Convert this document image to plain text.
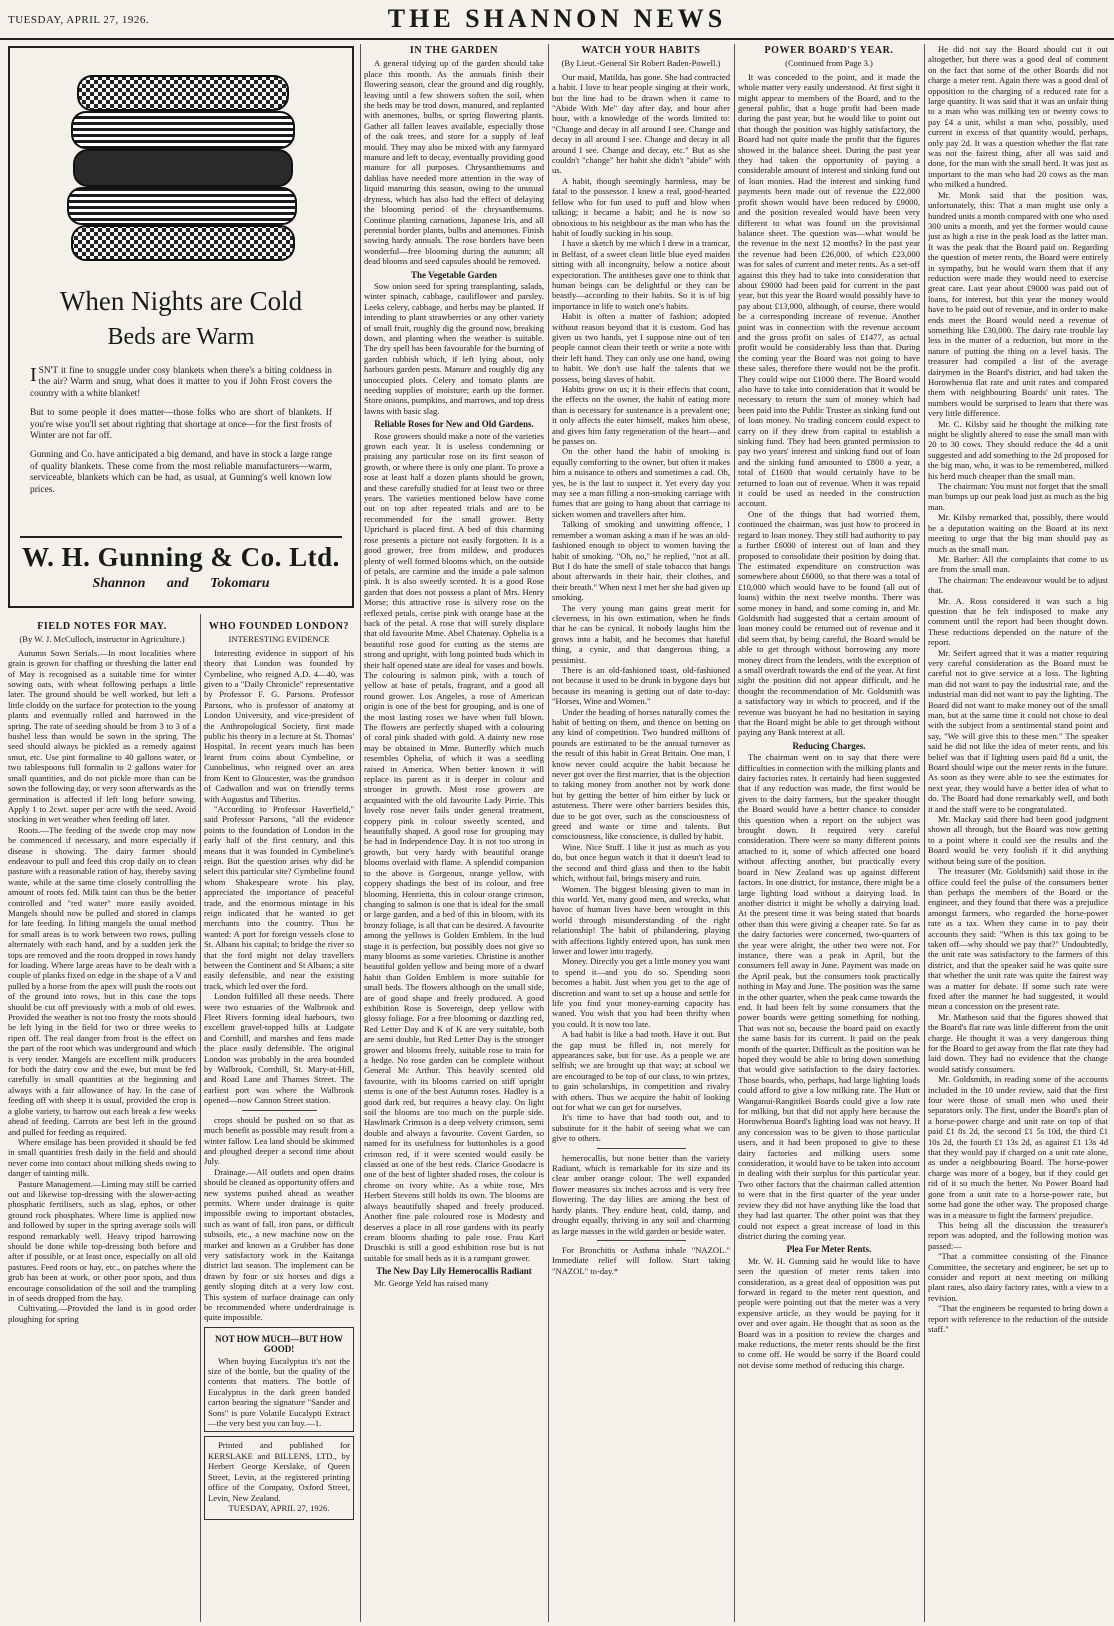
TUESDAY, APRIL 27, 1926.	THE SHANNON NEWS
When Nights are Cold
Beds are Warm

ISN'T it fine to snuggle under cosy blankets when there's a biting coldness in the air? Warm and snug, what does it matter to you if John Frost covers the country with a white blanket!

But to some people it does matter—those folks who are short of blankets. If you're wise you'll set about righting that shortage at once—for the first frosts of Winter are not far off.

Gunning and Co. have anticipated a big demand, and have in stock a large range of quality blankets. These come from the most reliable manufacturers—warm, serviceable, blankets which can be had, as usual, at Gunning's well known low prices.

W. H. Gunning & Co. Ltd.
Shannon and Tokomaru
FIELD NOTES FOR MAY.
(By W. J. McCulloch, instructor in Agriculture.)

Autumn Sown Serials.—In most localities where grain is grown for chaffing or threshing the latter end of May is recognised as a suitable time for winter sowing oats, with wheat following perhaps a little later. The ground should be well worked, but left a little cloddy on the surface for protection to the young plants and eventually rolled and harrowed in the spring. The rate of seeding should be from 3 to 3 of a bushel less than would be sown in the spring. The seed should always be pickled as a remedy against smut, etc. Use pint formaline to 40 gallons water, or two tablespoons full formalin to 2 gallons water for small quantities, and do not pickle more than can be sown the following day, or very soon afterwards as the germination is affected if left long before sowing. Apply 1 to 2cwt. super per acre with the seed. Avoid stocking in wet weather when feeding off later.

Roots.—The feeding of the swede crop may now be commenced if necessary, and more especially if disease is showing. The dairy farmer should endeavour to pull and feed this crop daily on to clean pasture with a reasonable ration of hay, thereby saving waste, while at the same time closely controlling the amount of roots fed. Milk taint can thus be the better controlled and "red water" more easily avoided. Mangels should now be pulled and stored in clamps for late feeding. In lifting mangels the usual method for small areas is to work between two rows, pulling alternately with each hand, and by a sudden jerk the tops are removed and the roots dropped in rows handy for loading. Where large areas have to be dealt with a couple of planks fixed on edge in the shape of a V and pulled by a horse from the apex will push the roots out of the ground into rows, but in this case the tops should be cut off previously with a mob of old ewes. Provided the weather is not too frosty the roots should be left lying in the field for two or three weeks to ripen off. The real danger from frost is the effect on the part of the root which was underground and which is very tender. Mangels are excellent milk producers for both the dairy cow and the ewe, but must be fed carefully in small quantities at the beginning and always with a fair allowance of hay. In the case of feeding off with sheep it is usual, provided the crop is a globe variety, to harrow out each break a few weeks ahead of feeding. Carrots are best left in the ground and pulled for feeding as required.

Where ensilage has been provided it should be fed in small quantities fresh daily in the field and should never come into contact about milking sheds owing to danger of tainting milk.

Pasture Management.—Liming may still be carried out and likewise top-dressing with the slower-acting phosphatic fertilisers, such as slag, ephos, or other ground rock phosphates. Where lime is applied now and followed by super in the spring average soils will respond remarkably well. Heavy tripod harrowing should be done while top-dressing both before and after if possible, or at least once, especially on all old pastures. Feed roots or hay, etc., on patches where the grub has been at work, or other poor spots, and thus encourage consolidation of the soil and the trampling in of seeds dropped from the hay.

Cultivating.—Provided the land is in good order ploughing for spring

WHO FOUNDED LONDON?
INTERESTING EVIDENCE

Interesting evidence in support of his theory that London was founded by Cymbeline, who reigned A.D. 4—40, was given to a "Daily Chronicle" representative by Professor F. G. Parsons. Professor Parsons, who is professor of anatomy at London University, and vice-president of the Anthropological Society, first made public his theory in a lecture at St. Thomas' Hospital. In recent years much has been learnt from coins about Cymbeline, or Cunobelinus, who reigned over an area from Kent to Gloucester, was the grandson of Cadwallon and was on friendly terms with Augustus and Tiberius.

"According to Professor Haverfield," said Professor Parsons, "all the evidence points to the foundation of London in the early half of the first century, and this means that it was founded in Cymbeline's reign. But the question arises why did he select this particular site? Cymbeline found whom Shakespeare wrote his play, appreciated the importance of peaceful trade, and the enormous mintage in his reign indicated that he wanted to get merchants into the country. Thus he wanted: A port for foreign vessels close to St. Albans his capital; to bridge the river so that the ford might not delay travellers between the Continent and St Albans; a site easily defensible, and near the existing track, which led over the ford.

London fulfilled all these needs. There were two estuaries of the Walbrook and Fleet Rivers forming ideal harbours, two excellent gravel-topped hills at Ludgate and Cornhill, and marshes and fens made the place easily defensible. The original London was probably in the area bounded by Walbrook, Cornhill, St. Mary-at-Hill, and Road Lane and Thames Street. The earliest port was where the Walbrook opened—now Cannon Street station.

crops should be pushed on so that as much benefit as possible may result from a winter fallow. Lea land should be skimmed and ploughed deeper a second time about July.

Drainage.—All outlets and open drains should be cleaned as opportunity offers and new systems pushed ahead as weather permits. Where under drainage is quite impossible owing to important obstacles, such as want of fall, iron pans, or difficult subsoils, etc., a new machine now on the market and known as a Grubber has done very satisfactory work in the Kaitanga district last season. The implement can be drawn by four or six horses and digs a gently sloping ditch at a very low cost. This system of surface drainage can only be recommended where underdrainage is quite impossible.

NOT HOW MUCH—BUT HOW GOOD!

When buying Eucalyptus it's not the size of the bottle, but the quality of the contents that matters. The bottle of Eucalyptus in the dark green banded carton bearing the signature "Sander and Sons" is pure Volatile Eucalypti Extract—the very best you can buy.—1.

Printed and published for KERSLAKE and BILLENS, LTD., by Herbert George Kerslake, of Queen Street, Levin, at the registered printing office of the Company, Oxford Street, Levin, New Zealand.

TUESDAY, APRIL 27, 1926.
IN THE GARDEN

A general tidying up of the garden should take place this month. As the annuals finish their flowering season, clear the ground and dig roughly, leaving until a few showers soften the soil, when the beds may be trod down, manured, and replanted with anemones, bulbs, or spring flowering plants. Gather all fallen leaves available, especially those of the oak trees, and store for a supply of leaf mould. They may also be mixed with any farmyard manure and left to decay, eventually providing good manure for all purposes. Chrysanthemums and dahlias have needed more attention in the way of liquid manuring this season, owing to the unusual dryness, which has also had the effect of delaying the blooming period of the chrysanthemums. Continue planting carnations, Japanese Iris, and all perennial border plants, bulbs and anemones. Finish sowing hardy annuals. The rose borders have been wonderful—free blooming during the autumn; all dead blooms and seed capsules should be removed.

The Vegetable Garden

Sow onion seed for spring transplanting, salads, winter spinach, cabbage, cauliflower and parsley. Leeks celery, cabbage, and herbs may be planted. If intending to plant strawberries or any other variety of small fruit, roughly dig the ground now, breaking down, and planting when the weather is suitable. The dry spell has been favourable for the burning of garden rubbish which, if left lying about, only harbours garden pests. Manure and roughly dig any unoccupied plots. Celery and tomato plants are needing supplies of moisture; earth up the former. Store onions, pumpkins, and marrows, and top dress lawns with basic slag.

Reliable Roses for New and Old Gardens.

Rose growers should make a note of the varieties grown each year. It is useless condemning or praising any particular rose on its first season of growth, or where there is only one plant. To prove a rose at least half a dozen plants should be grown, and these carefully studied for at least two or three years. The varieties mentioned below have come out on top after repeated trials and are to be recommended for the small grower. Betty Uprichard is placed first. A bed of this charming rose presents a picture not easily forgotten. It is a good grower, free from mildew, and produces plenty of well formed blooms which, on the outside of petals, are carmine and the inside a pale salmon pink. It is also sweetly scented. It is a good Rose garden that does not possess a plant of Mrs. Henry Morse; this attractive rose is silvery rose on the reflexed petals, cerise pink with orange base at the back of the petal. A rose that will surely displace that old favourite Mme. Abel Chatenay. Ophelia is a beautiful rose good for cutting as the stems are strong and upright, with long pointed buds which in their half opened state are ideal for vases and bowls. The colouring is salmon pink, with a touch of yellow at base of petals, fragrant, and a good all round grower. Los Angeles, a rose of American origin is one of the best for grouping, and is one of the most lasting roses we have when full blown. The flowers are perfectly shaped with a colouring of coral pink shaded with gold. A dainty new rose may be obtained in Mme. Butterfly which much resembles Ophelia, of which it was a seedling raised in America. When better known it will replace its parent as it is deeper in colour and stronger in growth. Most rose growers are acquainted with the old favourite Lady Pirrie. This lovely rose never fails under general treatment, coppery pink in colour sweetly scented, and beautifully shaped. A good rose for grouping may be had in Independence Day. It is not too strong in growth, but very hardy with beautiful orange blooms overlaid with flame. A splendid companion to the above is Gorgeous, orange yellow, with coppery shadings the best of its colour, and free blooming. Henrietta, this in colour orange crimson, changing to salmon is one that is ideal for the small or large garden, and a bed of this in bloom, with its bronzy foliage, is all that can be desired. A favourite among the yellows is Golden Emblem. In the bud stage it is perfection, but possibly does not give so many blooms as some varieties. Christine is another beautiful golden yellow and being more of a dwarf habit than Golden Emblem is more suitable for small beds. The flowers although on the small side, are of good shape and freely produced. A good exhibition Rose is Sovereign, deep yellow with glossy foliage. For a free blooming or dazzling red, Red Letter Day and K of K are very suitable, both are semi double, but Red Letter Day is the stronger grower and blooms freely, suitable rose to train for a hedge. No rose garden can be complete without General Mc Arthur. This heavily scented old favourite, with its blooms carried on stiff upright stems is one of the best Autumn roses. Hadley is a good dark red, but requires a heavy clay. On light soil the blooms are too much on the purple side. Hawlmark Crimson is a deep velvety crimson, semi double and always a favourite. Covent Garden, so named for its usefulness for buttonholes is a good crimson red, if it were scented would easily be classed as one of the best reds. Clarice Goodacre is one of the best of lighter shaded roses, the colour is chrome on ivory white. As a white rose, Mrs Herbert Stevens still holds its own. The blooms are always beautifully shaped and freely produced. Another fine pale coloured rose is Modesty and deserves a place in all rose gardens with its pearly cream blooms shading to pale rose. Frau Karl Druschki is still a good exhibition rose but is not suitable for small beds as it is a rampant grower.

The New Day Lily Hemerocallis Radiant

Mr. George Yeld has raised many

WATCH YOUR HABITS
(By Lieut.-General Sir Robert Baden-Powell.)

Our maid, Matilda, has gone. She had contracted a habit. I love to hear people singing at their work, but the line had to be drawn when it came to "Abide With Me" day after day, and hour after hour, with a knowledge of the words limited to: "Change and decay in all around I see. Change and decay in all around I see. Change and decay in all around I see. Change and decay, etc." But as she couldn't "change" her habit she didn't "abide" with us.

A habit, though seemingly harmless, may be fatal to the possessor. I knew a real, good-hearted fellow who for fun used to puff and blow when talking; it became a habit; and he is now so obnoxious to his neighbour as the man who has the habit of loudly sucking in his soup.

I have a sketch by me which I drew in a tramcar, in Belfast, of a sweet clean little blue eyed maiden sitting with all incongruity, below a notice about expectoration. The antitheses gave one to think that human beings can be delightful or they can be beastly—according to their habits. So it is of big importance in life to watch one's habits.

Habit is often a matter of fashion; adopted without reason beyond that it is custom. God has given us two hands, yet I suppose nine out of ten people cannot clean their teeth or write a note with their left hand. They can only use one hand, owing to habit. We don't use half the talents that we possess, being slaves of habit.

Habits grow on us; it is their effects that count, the effects on the owner, the habit of eating more than is necessary for sustenance is a prevalent one; it only affects the eater himself, makes him obese, and gives him fatty regeneration of the heart—and he passes on.

On the other hand the habit of smoking is equally comforting to the owner, but often it makes him a nuisance to others and sometimes a cad. Oh, yes, he is the last to suspect it. Yet every day you may see a man filling a non-smoking carriage with fumes that are going to hang about that carriage to sicken women and travellers after him.

Talking of smoking and unwitting offence, I remember a woman asking a man if he was an old-fashioned enough to object to women having the habit of smoking. "Oh, no," he replied, "not at all. But I do hate the smell of stale tobacco that hangs about afterwards in their hair, their clothes, and their breath." When next I met her she had given up smoking.

The very young man gains great merit for cleverness, in his own estimation, when he finds that he can be cynical. It nobody laughs him the grows into a habit, and he becomes that hateful thing, a cynic, and that dangerous thing, a pessimist.

There is an old-fashioned toast, old-fashioned not because it used to be drunk in bygone days but because its meaning is getting out of date to-day: "Horses, Wine and Women."

Under the heading of horses naturally comes the habit of betting on them, and thence on betting on any kind of competition. Two hundred millions of pounds are estimated to be the annual turnover as the result of this habit in Great Britain. One man, I know never could acquire the habit because he never got over the first marrier, that is the objection to taking money from another not by work done but by getting the better of him either by luck or astuteness. There were other barriers besides this, due to be got over, such as the consciousness of greed and waste or time and talents. But consciousness, like conscience, is dulled by habit.

Wine. Nice Stuff. I like it just as much as you do, but once begun watch it that it doesn't lead to the second and third glass and then to the habit which, without fail, brings misery and ruin.

Women. The biggest blessing given to man in this world. Yet, many good men, and wrecks, what havoc of human lives have been wrought in this world through misunderstanding of the right relationship! The habit of philandering, playing with affections lightly entered upon, has sunk men lower and lower into tragedy.

Money. Directly you get a little money you want to spend it—and you do so. Spending soon becomes a habit. Just when you get to the age of discretion and want to set up a house and settle for life you find your money-earning capacity has waned. You wish that you had been thrifty when you could. It is now too late.

A bad habit is like a bad tooth. Have it out. But the gap must be filled in, not merely for appearances sake, but for use. As a people we are selfish; we are brought up that way; at school we are encouraged to be top of our class, to win prizes, to gain scholarships, in competition and rivalry with others. Thus we acquire the habit of looking out for what we can get for ourselves.

It's time to have that bad tooth out, and to substitute for it the habit of seeing what we can give to others.

hemerocallis, but none better than the variety Radiant, which is remarkable for its size and its clear amber orange colour. The well expanded flower measures six inches across and is very free flowering. The day lilies are among the best of hardy plants. They endure heat, cold, damp, and drought equally, thriving in any soil and charming as large masses in the wild garden or beside water.

For Bronchitis or Asthma inhale "NAZOL." Immediate relief will follow. Start taking "NAZOL" to-day.*

POWER BOARD'S YEAR.
(Continued from Page 3.)

It was conceded to the point, and it made the whole matter very easily understood. At first sight it might appear to members of the Board, and to the general public, that a huge profit had been made during the past year, but he would like to point out that though the position was highly satisfactory, the Board had not quite made the profit that the figures showed in the balance sheet. During the past year they had taken the opportunity of paying a considerable amount of interest and sinking fund out of loan monies. Had the interest and sinking fund payments been made out of revenue the £22,000 profit shown would have been reduced by £9000, and the position revealed would have been very different to what was found on the provisional balance sheet. The question was—what would be the revenue in the next 12 months? In the past year the revenue had been £26,000, of which £23,000 was for sales of current and meter rents. As a set-off against this they had to take into consideration that about £9000 had been paid for current in the past year, but this year the Board would possibly have to pay about £13,000, although, of course, there would be a corresponding increase of revenue. Another point was in connection with the revenue account and the gross profit on sales of £1477, as actual profit would be considerably less than that. During the coming year the Board was not going to have these sales, therefore there would not be the profit. They could wipe out £1000 there. The Board would also have to take into consideration that it would be necessary to return the sum of money which had been paid into the Public Trustee as sinking fund out of loan money. No trading concern could expect to carry on if they drew from capital to establish a sinking fund. They had been granted permission to pay two years' interest and sinking fund out of loan and the sinking fund amounted to £800 a year, a total of £1600 that would certainly have to be returned to loan out of revenue. When it was repaid it could be used as needed in the construction account.

One of the things that had worried them, continued the chairman, was just how to proceed in regard to loan money. They still had authority to pay a further £6000 of interest out of loan and they proposed to consolidate their position by doing that. The estimated expenditure on construction was somewhere about £6000, so that there was a total of £10,000 which would have to be found (all out of loans) within the next twelve months. There was some money in hand, and some coming in, and Mr. Goldsmith had suggested that a certain amount of loan money could be returned out of revenue and it did seem that, by being careful, the Board would be able to get through without borrowing any more money direct from the lenders, with the exception of a small overdraft towards the end of the year. At first sight the position did not appear difficult, and he thought the recommendation of Mr. Goldsmith was a satisfactory way in which to proceed, and if the revenue was buoyant he had no hesitation in saying that the Board might be able to get through without paying any Bank interest at all.

Reducing Charges.

The chairman went on to say that there were difficulties in connection with the milking plants and dairy factories rates. It certainly had been suggested that if any reduction was made, the first would be given to the dairy farmers, but the speaker thought the Board would have a better chance to consider this question when a report on the subject was brought down. It required very careful consideration. There were so many different points attached to it, some of which affected one board without affecting another, but practically every board in New Zealand was up against different factors. In one district, for instance, there might be a large lighting load without a dairying load. In another district it might be wholly a dairying load. At the present time it was being stated that boards other than this were giving a cheaper rate. So far as the dairy factories were concerned, two-quarters of the year were alright, the other two were not. For instance, there was a peak in April, but the consumers fell away in June. Payment was made on the April peak, but the consumers took practically nothing in May and June. The position was the same in the other quarter, when the peak came towards the end. It had been felt by some consumers that the power boards were getting something for nothing. That was not so, because the board paid on exactly the same basis for its current. It paid on the peak month of the quarter. Difficult as the position was he hoped they would be able to bring down something that would give satisfaction to the dairy factories. Those boards, who, perhaps, had large lighting loads could afford to give a low milking rate. The Hutt or Wanganui-Rangitikei Boards could give a low rate for milking, but that did not apply here because the Horowhenua Board's lighting load was not heavy. If any concession was to be given to those particular users, and it had been proposed to give to these dairy factories and milking users some consideration, it would have to be taken into account in dealing with their surplus for this particular year. Two other factors that the chairman called attention to were that in the first quarter of the year under review they did not have anything like the load that they had last quarter. The other point was that they could not expect a great increase of load in this district during the coming year.

Plea For Meter Rents.

Mr. W. H. Gunning said he would like to have seen the question of meter rents taken into consideration, as a great deal of opposition was put forward in regard to the meter rent question, and people were pointing out that the meter was a very expensive article, as they would be paying for it over and over again. He thought that as soon as the Board was in a position to review the charges and make reductions, the meter rents should be the first to come off. He would be sorry if the Board could not devise some method of reducing this charge.

He did not say the Board should cut it out altogether, but there was a good deal of comment on the fact that some of the other Boards did not charge a meter rent. Again there was a good deal of opposition to the charging of a reduced rate for a large quantity. It was said that it was an unfair thing to a man who was milking ten or twenty cows to pay £4 a unit, whilst a man who, possibly, used current in excess of that quantity would, perhaps, only pay 2d. It was a question whether the flat rate was not the fairest thing, after all was said and done, for the man with the small herd. It was just as important to the man who had 20 cows as the man who milked a hundred.

Mr. Monk said that the position was, unfortunately, this: That a man might use only a hundred units a month compared with one who used 300 units a month, and yet the former would cause just as high a rise in the peak load as the latter man. It was the peak that the Board paid on. Regarding the question of meter rents, the Board were entirely in sympathy, but he would warn them that if any reduction were made they would need to exercise great care. Last year about £9000 was paid out of loans, for interest, but this year the money would have to be paid out of revenue, and in order to make ends meet the Board would need a revenue of something like £30,000. The dairy rate trouble lay less in the matter of a reduction, but more in the nature of putting the thing on a level basis. The treasurer had compiled a list of the average dairymen in the Board's district, and had taken the Horowhenua flat rate and unit rates and compared them with neighbouring Boards' unit rates. The numbers would be surprised to learn that there was very little difference.

Mr. C. Kilsby said he thought the milking rate might be slightly altered to ease the small man with 20 to 30 cows. They should reduce the 4d a unit suggested and add something to the 2d proposed for the big man, who, it was to be remembered, milked his herd much cheaper than the small man.

The chairman: You must not forget that the small man bumps up our peak load just as much as the big man.

Mr. Kilsby remarked that, possibly, there would be a deputation waiting on the Board at its next meeting to urge that the big man should pay as much as the small man.

Mr. Barber: All the complaints that come to us are from the small man.

The chairman: The endeavour would be to adjust that.

Mr. A. Ross considered it was such a big question that he felt indisposed to make any comment until the report had been thought down. These reductions depended on the nature of the report.

Mr. Seifert agreed that it was a matter requiring very careful consideration as the Board must be careful not to give service at a loss. The lighting man did not want to pay the industrial rate, and the industrial man did not want to pay the lighting. The Board did not want to make money out of the small man, but at the same time it could not chose to deal with the subject from a sentimental stand point and say, "We will give this to these men." The speaker said he did not like the idea of meter rents, and his belief was that if lighting users paid 8d a unit, the Board should wipe out the meter rents in the future. As soon as they were able to see the estimates for next year, they would have a better idea of what to do. The Board had done remarkably well, and both it and the staff were to be congratulated.

Mr. Mackay said there had been good judgment shown all through, but the Board was now getting to a point where it could see the results and the Board would be very foolish if it did anything without being sure of the position.

The treasurer (Mr. Goldsmith) said those in the office could feel the pulse of the consumers better than perhaps the members of the Board or the engineer, and they found that there was a prejudice amongst farmers, who regarded the horse-power rate as a tax. When they came in to pay their accounts they said: "When is this tax going to be taken off—why should we pay that?" Undoubtedly, the unit rate was satisfactory to the farmers of this district, and that the speaker said he was quite sure that whether the unit rate was quite the fairest way was a matter for debate. If some such rate were fixed after the manner he had suggested, it would mean a concession on the present rate.

Mr. Matheson said that the figures showed that the Board's flat rate was little different from the unit charge. He thought it was a very dangerous thing for the Board to get away from the flat rate they had laid down. They had no evidence that the change would satisfy consumers.

Mr. Goldsmith, in reading some of the accounts included in the 10 under review, said that the first four were those of small men who used their separators only. The first, under the Board's plan of a horse-power charge and unit rate on top of that paid £1 8s 2d, the second £1 5s 10d, the third £1 10s 2d, the fourth £1 13s 2d, as against £1 13s 4d that they would pay if charged on a unit rate alone, as under a neighbouring Board. The horse-power charge was more of a bogey, but if they could get rid of it so much the better. No Power Board had gone from a unit rate to a horse-power rate, but some had gone the other way. The proposed charge was in a measure to fight the farmers' prejudice.

This being all the discussion the treasurer's report was adopted, and the following motion was passed:—

"That a committee consisting of the Finance Committee, the secretary and engineer, be set up to consider and report at next meeting on milking plant rates, also dairy factory rates, with a view to a revision.

"That the engineers be requested to bring down a report with reference to the reduction of the outside staff."
